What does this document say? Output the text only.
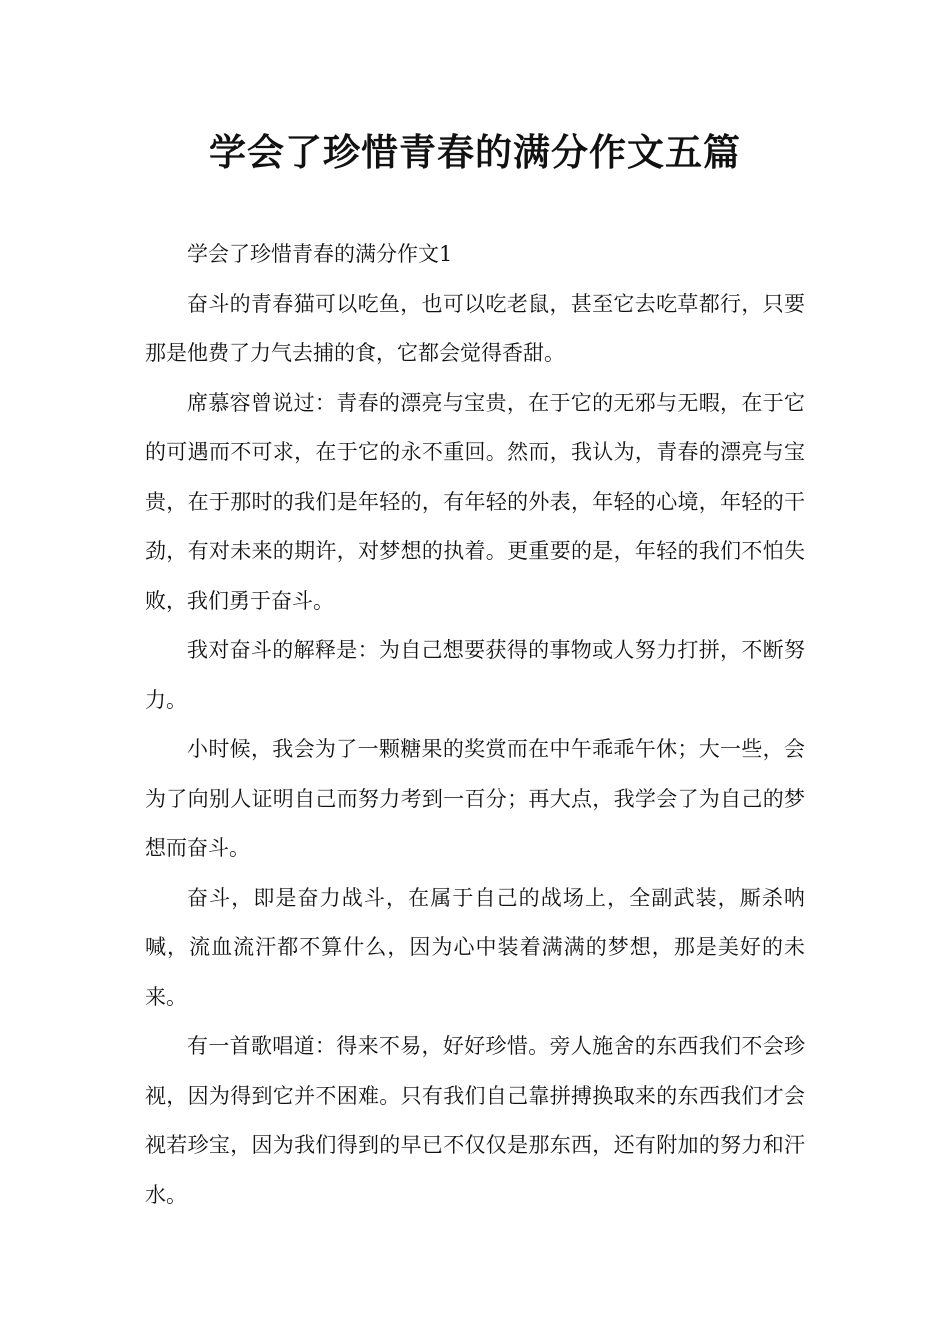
学会了珍惜青春的满分作文五篇

学会了珍惜青春的满分作文1

奋斗的青春猫可以吃鱼，也可以吃老鼠，甚至它去吃草都行，只要那是他费了力气去捕的食，它都会觉得香甜。

席慕容曾说过：青春的漂亮与宝贵，在于它的无邪与无暇，在于它的可遇而不可求，在于它的永不重回。然而，我认为，青春的漂亮与宝贵，在于那时的我们是年轻的，有年轻的外表，年轻的心境，年轻的干劲，有对未来的期许，对梦想的执着。更重要的是，年轻的我们不怕失败，我们勇于奋斗。

我对奋斗的解释是：为自己想要获得的事物或人努力打拼，不断努力。

小时候，我会为了一颗糖果的奖赏而在中午乖乖午休；大一些，会为了向别人证明自己而努力考到一百分；再大点，我学会了为自己的梦想而奋斗。

奋斗，即是奋力战斗，在属于自己的战场上，全副武装，厮杀呐喊，流血流汗都不算什么，因为心中装着满满的梦想，那是美好的未来。

有一首歌唱道：得来不易，好好珍惜。旁人施舍的东西我们不会珍视，因为得到它并不困难。只有我们自己靠拼搏换取来的东西我们才会视若珍宝，因为我们得到的早已不仅仅是那东西，还有附加的努力和汗水。
